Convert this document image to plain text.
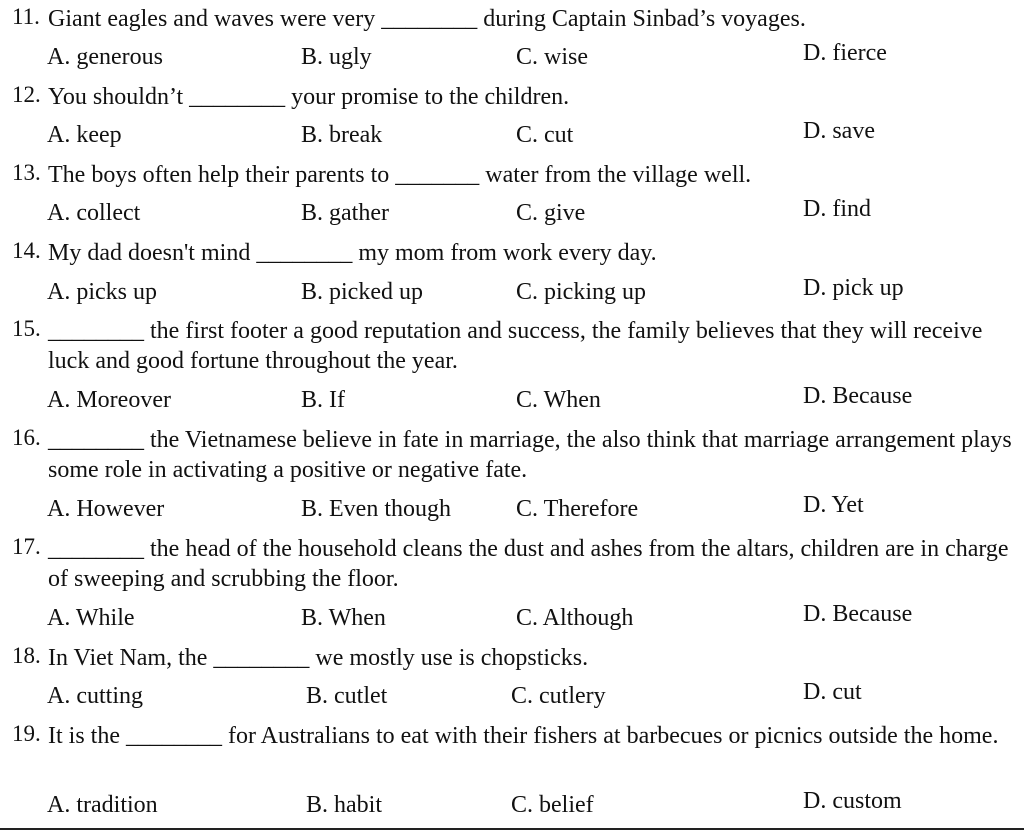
11. Giant eagles and waves were very ________ during Captain Sinbad’s voyages.
A. generous	B. ugly	C. wise	D. fierce
12. You shouldn’t ________ your promise to the children.
A. keep	B. break	C. cut	D. save
13. The boys often help their parents to _______ water from the village well.
A. collect	B. gather	C. give	D. find
14. My dad doesn't mind ________ my mom from work every day.
A. picks up	B. picked up	C. picking up	D. pick up
15. ________ the first footer a good reputation and success, the family believes that they will receive luck and good fortune throughout the year.
A. Moreover	B. If	C. When	D. Because
16. ________ the Vietnamese believe in fate in marriage, the also think that marriage arrangement plays some role in activating a positive or negative fate.
A. However	B. Even though	C. Therefore	D. Yet
17. ________ the head of the household cleans the dust and ashes from the altars, children are in charge of sweeping and scrubbing the floor.
A. While	B. When	C. Although	D. Because
18. In Viet Nam, the ________ we mostly use is chopsticks.
A. cutting	B. cutlet	C. cutlery	D. cut
19. It is the ________ for Australians to eat with their fishers at barbecues or picnics outside the home.
A. tradition	B. habit	C. belief	D. custom
